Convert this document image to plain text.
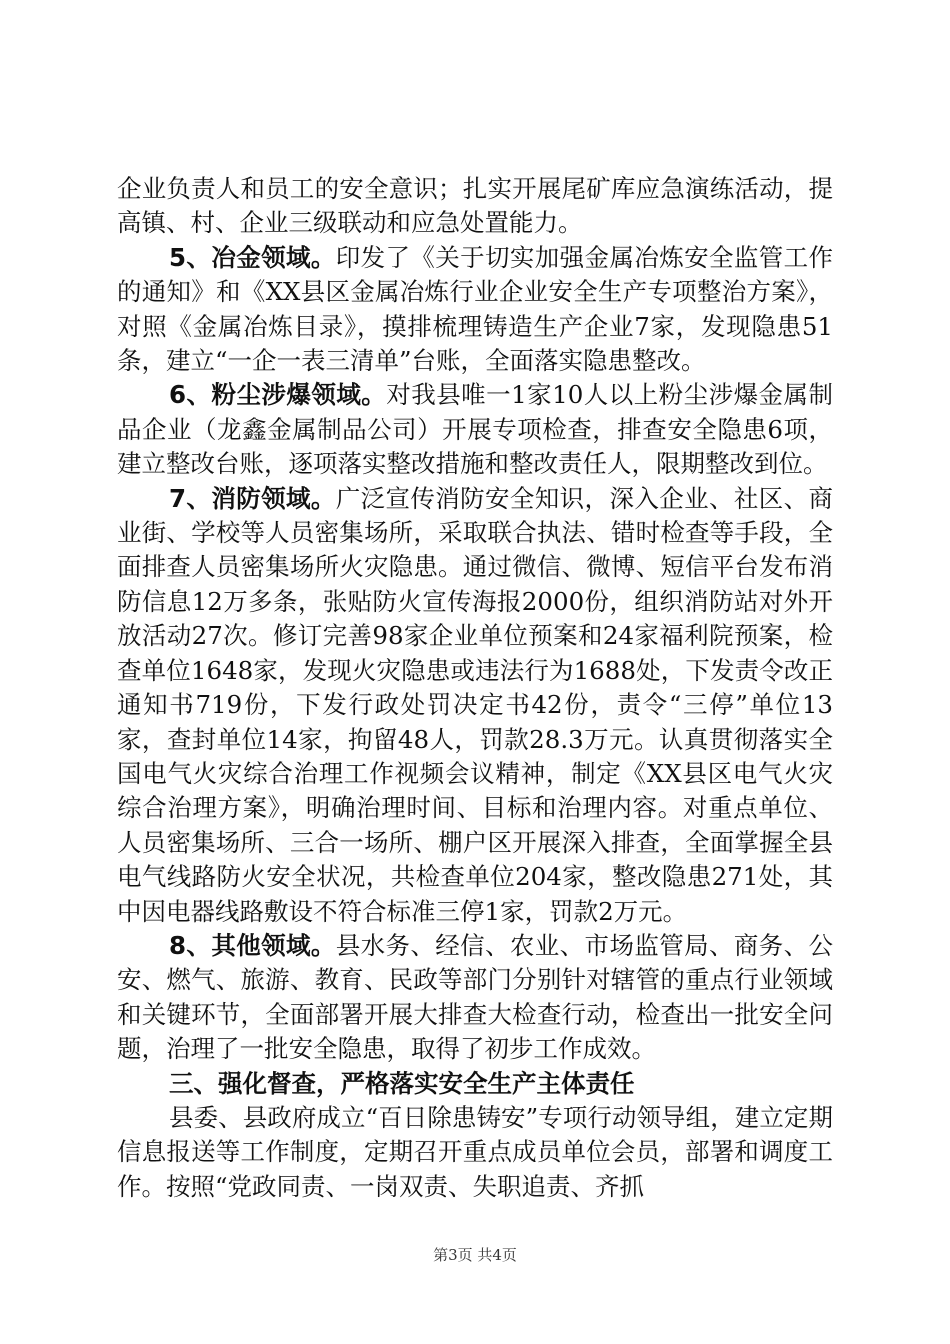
企业负责人和员工的安全意识；扎实开展尾矿库应急演练活动，提高镇、村、企业三级联动和应急处置能力。

5、冶金领域。印发了《关于切实加强金属冶炼安全监管工作的通知》和《XX县区金属冶炼行业企业安全生产专项整治方案》，对照《金属冶炼目录》，摸排梳理铸造生产企业7家，发现隐患51条，建立“一企一表三清单”台账，全面落实隐患整改。

6、粉尘涉爆领域。对我县唯一1家10人以上粉尘涉爆金属制品企业（龙鑫金属制品公司）开展专项检查，排查安全隐患6项，建立整改台账，逐项落实整改措施和整改责任人，限期整改到位。

7、消防领域。广泛宣传消防安全知识，深入企业、社区、商业街、学校等人员密集场所，采取联合执法、错时检查等手段，全面排查人员密集场所火灾隐患。通过微信、微博、短信平台发布消防信息12万多条，张贴防火宣传海报2000份，组织消防站对外开放活动27次。修订完善98家企业单位预案和24家福利院预案，检查单位1648家，发现火灾隐患或违法行为1688处，下发责令改正通知书719份，下发行政处罚决定书42份，责令“三停”单位13家，查封单位14家，拘留48人，罚款28.3万元。认真贯彻落实全国电气火灾综合治理工作视频会议精神，制定《XX县区电气火灾综合治理方案》，明确治理时间、目标和治理内容。对重点单位、人员密集场所、三合一场所、棚户区开展深入排查，全面掌握全县电气线路防火安全状况，共检查单位204家，整改隐患271处，其中因电器线路敷设不符合标准三停1家，罚款2万元。

8、其他领域。县水务、经信、农业、市场监管局、商务、公安、燃气、旅游、教育、民政等部门分别针对辖管的重点行业领域和关键环节，全面部署开展大排查大检查行动，检查出一批安全问题，治理了一批安全隐患，取得了初步工作成效。

三、强化督查，严格落实安全生产主体责任

县委、县政府成立“百日除患铸安”专项行动领导组，建立定期信息报送等工作制度，定期召开重点成员单位会员，部署和调度工作。按照“党政同责、一岗双责、失职追责、齐抓

第3页 共4页
